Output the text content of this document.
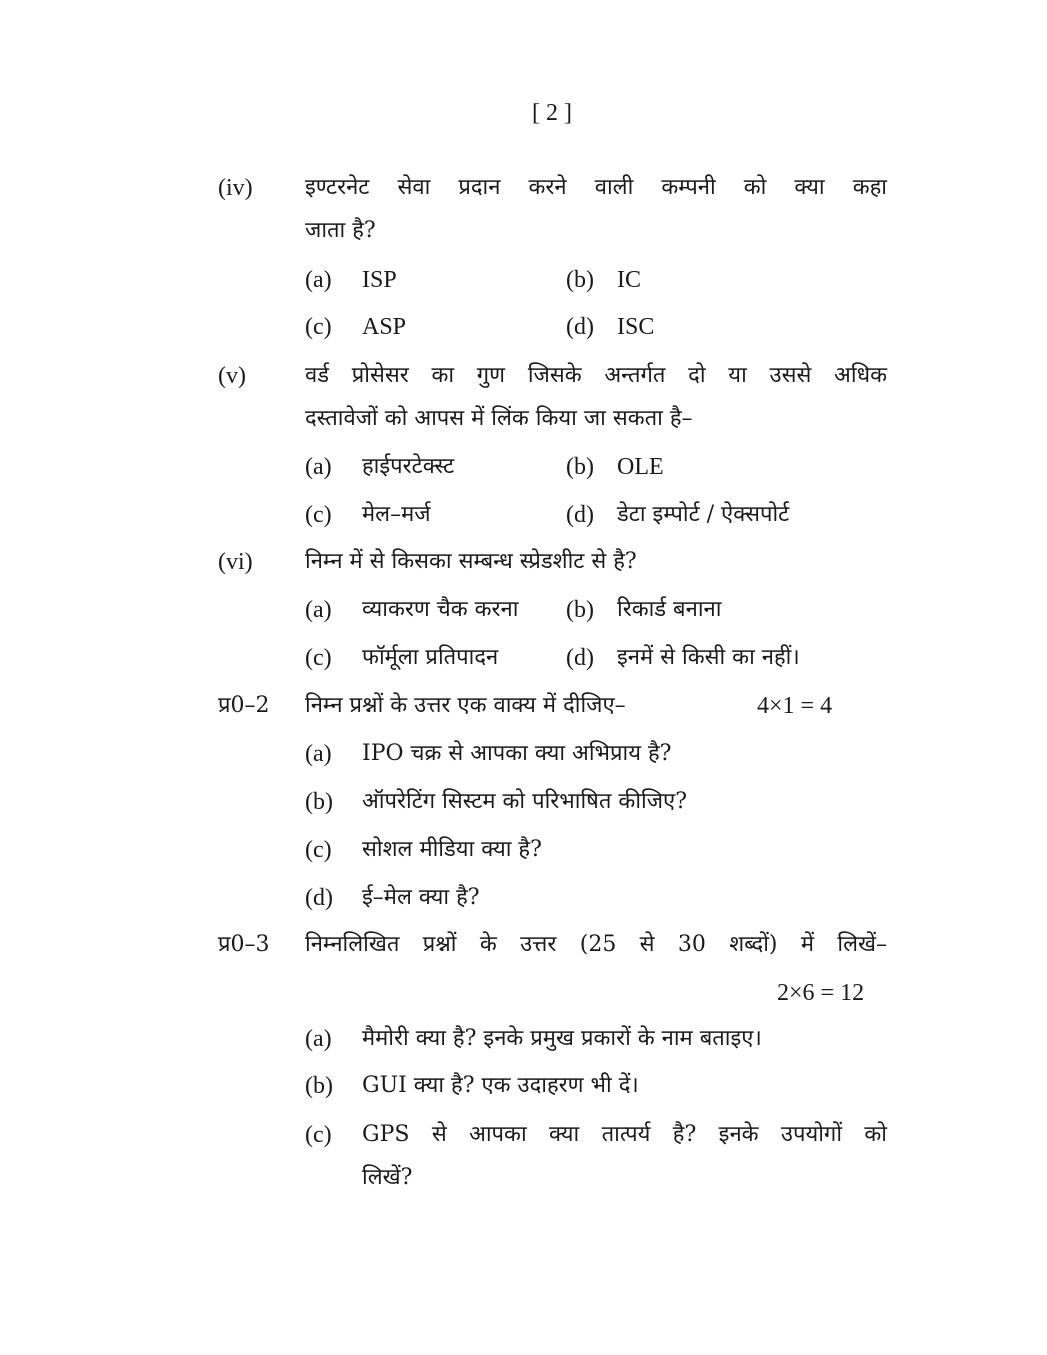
[ 2 ]
(iv) इण्टरनेट सेवा प्रदान करने वाली कम्पनी को क्या कहा
जाता है?
(a) ISP	(b) IC
(c) ASP	(d) ISC
(v)	वर्ड प्रोसेसर का गुण जिसके अन्तर्गत दो या उससे अधिक
दस्तावेजों को आपस में लिंक किया जा सकता है–
(a) हाईपरटेक्स्ट	(b) OLE
(c) मेल–मर्ज	(d) डेटा इम्पोर्ट / ऐक्सपोर्ट
(vi) निम्न में से किसका सम्बन्ध स्प्रेडशीट से है?
(a) व्याकरण चैक करना (b) रिकार्ड बनाना
(c) फॉर्मूला प्रतिपादन	(d) इनमें से किसी का नहीं।
प्र0–2 निम्न प्रश्नों के उत्तर एक वाक्य में दीजिए–	4×1 = 4
(a) IPO चक्र से आपका क्या अभिप्राय है?
(b) ऑपरेटिंग सिस्टम को परिभाषित कीजिए?
(c) सोशल मीडिया क्या है?
(d) ई–मेल क्या है?
प्र0–3 निम्नलिखित प्रश्नों के उत्तर (25 से 30 शब्दों) में लिखें–
2×6 = 12
(a) मैमोरी क्या है? इनके प्रमुख प्रकारों के नाम बताइए।
(b) GUI क्या है? एक उदाहरण भी दें।
(c) GPS से आपका क्या तात्पर्य है? इनके उपयोगों को
लिखें?
